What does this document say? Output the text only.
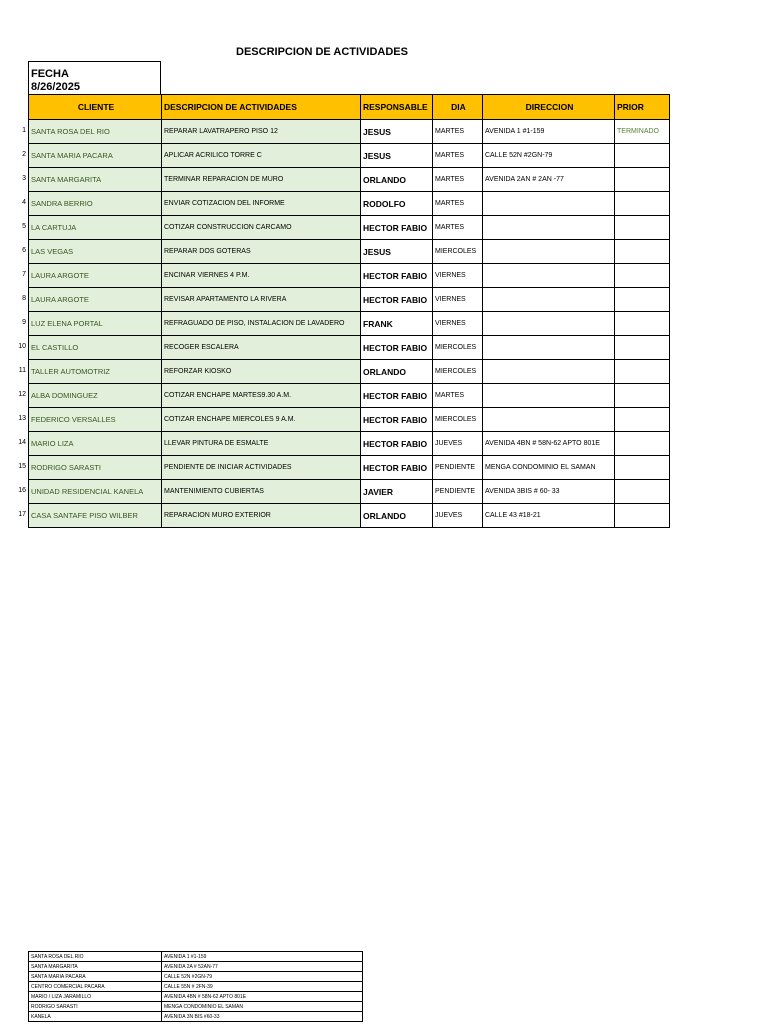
DESCRIPCION DE ACTIVIDADES
FECHA
8/26/2025
CLIENTE	DESCRIPCION DE ACTIVIDADES	RESPONSABLE	DIA	DIRECCION	PRIOR
SANTA ROSA DEL RIO	REPARAR LAVATRAPERO PISO 12	JESUS	MARTES	AVENIDA 1 #1-159	TERMINADO
SANTA MARIA PACARA	APLICAR ACRILICO TORRE C	JESUS	MARTES	CALLE 52N #2GN-79	
SANTA MARGARITA	TERMINAR REPARACION DE MURO	ORLANDO	MARTES	AVENIDA 2AN # 2AN -77	
SANDRA BERRIO	ENVIAR COTIZACION DEL INFORME	RODOLFO	MARTES		
LA CARTUJA	COTIZAR CONSTRUCCION CARCAMO	HECTOR FABIO	MARTES		
LAS VEGAS	REPARAR DOS GOTERAS	JESUS	MIERCOLES		
LAURA ARGOTE	ENCINAR VIERNES 4 P.M.	HECTOR FABIO	VIERNES		
LAURA ARGOTE	REVISAR APARTAMENTO LA RIVERA	HECTOR FABIO	VIERNES		
LUZ ELENA PORTAL	REFRAGUADO DE PISO, INSTALACION DE LAVADERO	FRANK	VIERNES		
EL CASTILLO	RECOGER ESCALERA	HECTOR FABIO	MIERCOLES		
TALLER AUTOMOTRIZ	REFORZAR KIOSKO	ORLANDO	MIERCOLES		
ALBA DOMINGUEZ	COTIZAR ENCHAPE MARTES9.30 A.M.	HECTOR FABIO	MARTES		
FEDERICO VERSALLES	COTIZAR ENCHAPE MIERCOLES 9 A.M.	HECTOR FABIO	MIERCOLES		
MARIO LIZA	LLEVAR PINTURA DE ESMALTE	HECTOR FABIO	JUEVES	AVENIDA 4BN # 58N-62 APTO 801E	
RODRIGO SARASTI	PENDIENTE DE INICIAR ACTIVIDADES	HECTOR FABIO	PENDIENTE	MENGA CONDOMINIO EL SAMAN	
UNIDAD RESIDENCIAL KANELA	MANTENIMIENTO CUBIERTAS	JAVIER	PENDIENTE	AVENIDA 3BIS # 60- 33	
CASA SANTAFE PISO WILBER	REPARACION MURO EXTERIOR	ORLANDO	JUEVES	CALLE 43 #18-21	
1
2
3
4
5
6
7
8
9
10
11
12
13
14
15
16
17
SANTA ROSA DEL RIO	AVENIDA 1 #1-159
SANTA MARGARITA	AVENIDA 2A # 52AN-77
SANTA MARIA PACARA	CALLE 52N #2GN-79
CENTRO COMERCIAL PACARA	CALLE 55N # 2FN-39
MARIO / LIZA JARAMILLO	AVENIDA 4BN # 58N-62 APTO 801E
RODRIGO SARASTI	MENGA CONDOMINIO EL SAMAN
KANELA	AVENIDA 3N BIS #60-33
